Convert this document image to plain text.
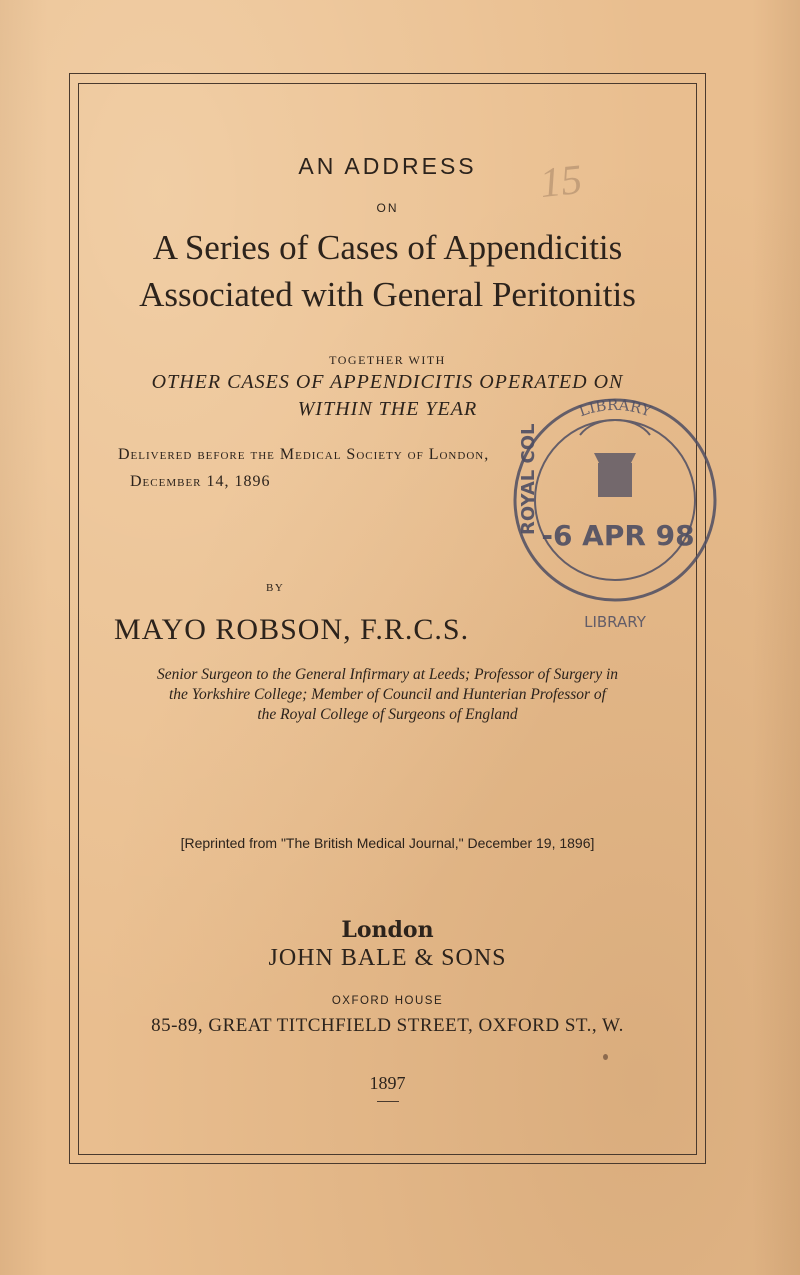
AN ADDRESS
ON
A Series of Cases of Appendicitis
Associated with General Peritonitis
TOGETHER WITH
OTHER CASES OF APPENDICITIS OPERATED ON
WITHIN THE YEAR
Delivered before the Medical Society of London,
December 14, 1896
BY
MAYO ROBSON, F.R.C.S.
Senior Surgeon to the General Infirmary at Leeds; Professor of Surgery in
the Yorkshire College; Member of Council and Hunterian Professor of
the Royal College of Surgeons of England
[Reprinted from "The British Medical Journal," December 19, 1896]
London
JOHN BALE & SONS
OXFORD HOUSE
85-89, GREAT TITCHFIELD STREET, OXFORD ST., W.
1897
15
LIBRARY
ROYAL COL
-6 APR 98
LIBRARY
